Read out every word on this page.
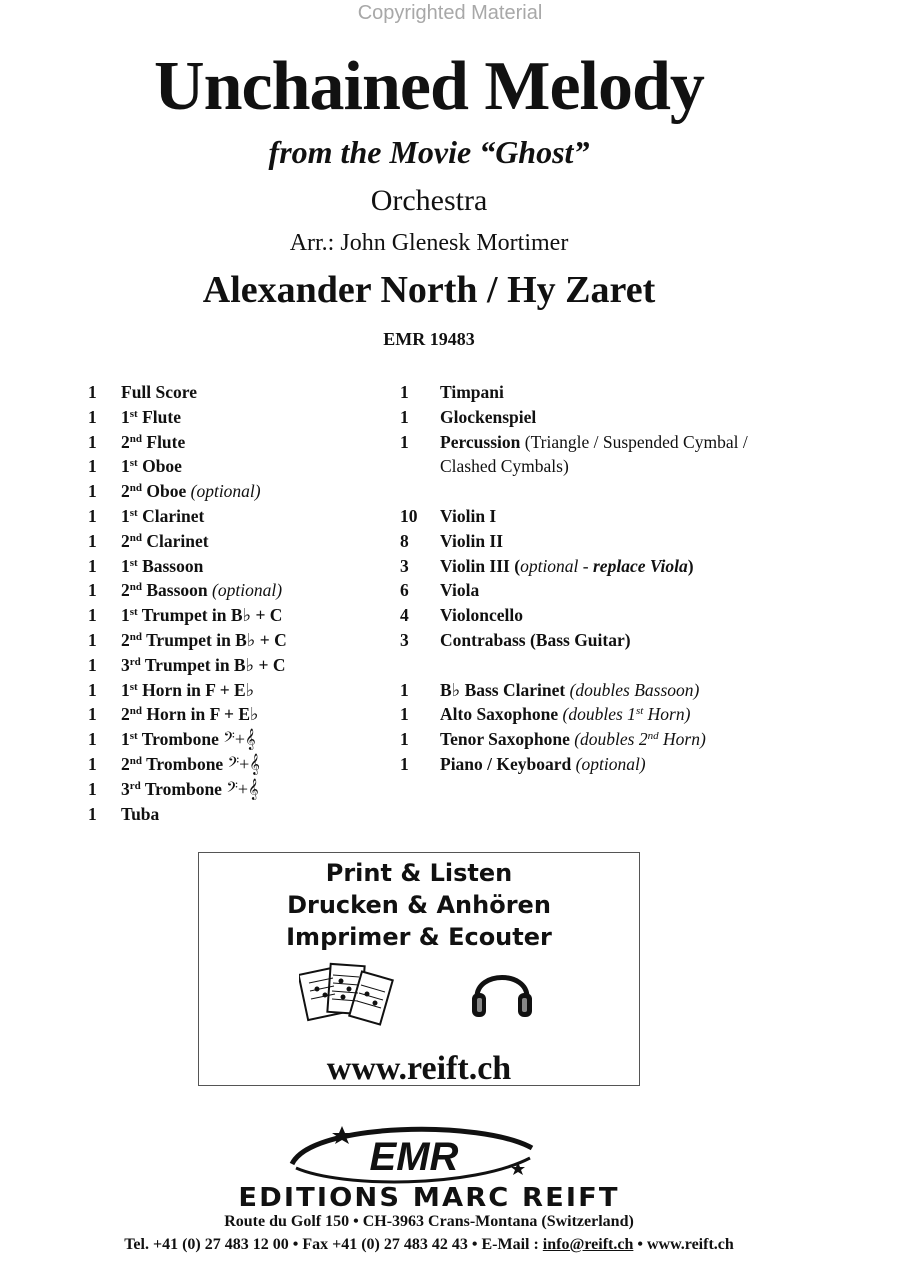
Copyrighted Material
Unchained Melody
from the Movie “Ghost”
Orchestra
Arr.: John Glenesk Mortimer
Alexander North / Hy Zaret
EMR 19483
1 Full Score
1 1st Flute
1 2nd Flute
1 1st Oboe
1 2nd Oboe (optional)
1 1st Clarinet
1 2nd Clarinet
1 1st Bassoon
1 2nd Bassoon (optional)
1 1st Trumpet in B♭ + C
1 2nd Trumpet in B♭ + C
1 3rd Trumpet in B♭ + C
1 1st Horn in F + E♭
1 2nd Horn in F + E♭
1 1st Trombone 𝄢+𝄞
1 2nd Trombone 𝄢+𝄞
1 3rd Trombone 𝄢+𝄞
1 Tuba
1 Timpani
1 Glockenspiel
1 Percussion (Triangle / Suspended Cymbal /
Clashed Cymbals)
10 Violin I
8 Violin II
3 Violin III (optional - replace Viola)
6 Viola
4 Violoncello
3 Contrabass (Bass Guitar)
1 B♭ Bass Clarinet (doubles Bassoon)
1 Alto Saxophone (doubles 1st Horn)
1 Tenor Saxophone (doubles 2nd Horn)
1 Piano / Keyboard (optional)
Print & Listen
Drucken & Anhören
Imprimer & Ecouter
www.reift.ch
EMR
EDITIONS MARC REIFT
Route du Golf 150 • CH-3963 Crans-Montana (Switzerland)
Tel. +41 (0) 27 483 12 00 • Fax +41 (0) 27 483 42 43 • E-Mail : info@reift.ch • www.reift.ch
